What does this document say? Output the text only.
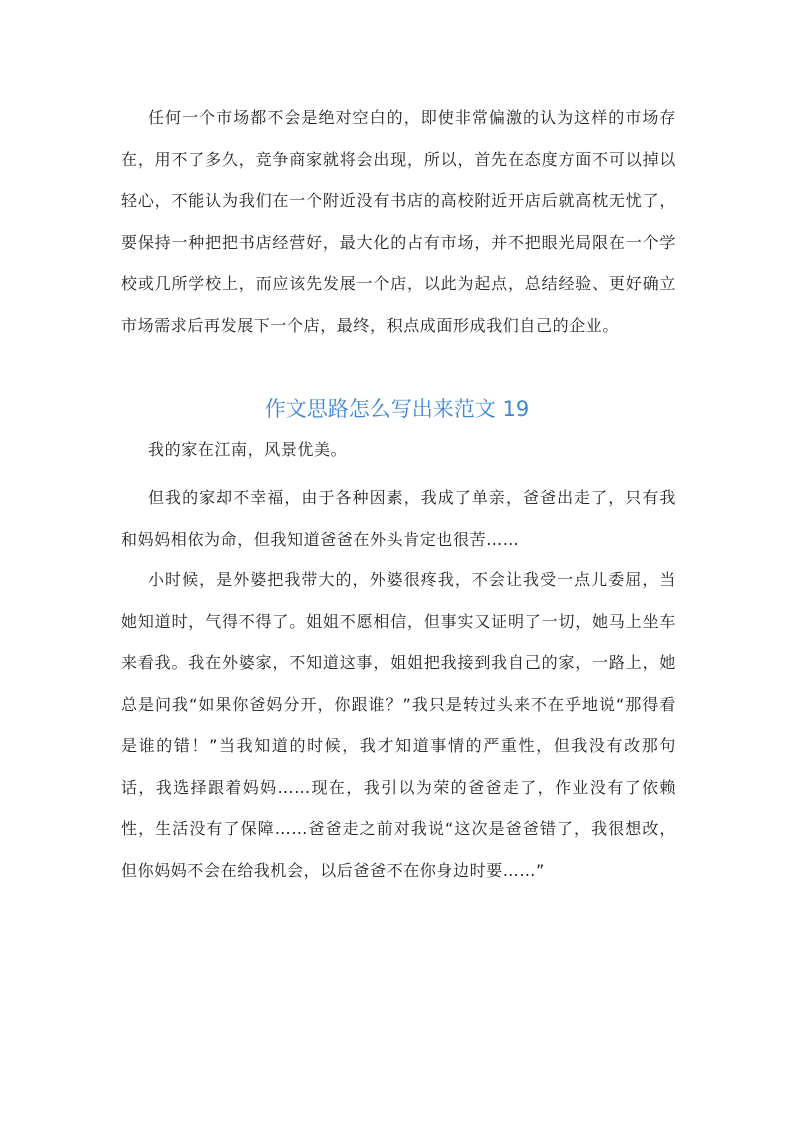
任何一个市场都不会是绝对空白的，即使非常偏激的认为这样的市场存在，用不了多久，竞争商家就将会出现，所以，首先在态度方面不可以掉以轻心，不能认为我们在一个附近没有书店的高校附近开店后就高枕无忧了，要保持一种把把书店经营好，最大化的占有市场，并不把眼光局限在一个学校或几所学校上，而应该先发展一个店，以此为起点，总结经验、更好确立市场需求后再发展下一个店，最终，积点成面形成我们自己的企业。

作文思路怎么写出来范文 19

我的家在江南，风景优美。

但我的家却不幸福，由于各种因素，我成了单亲，爸爸出走了，只有我和妈妈相依为命，但我知道爸爸在外头肯定也很苦……

小时候，是外婆把我带大的，外婆很疼我，不会让我受一点儿委屈，当她知道时，气得不得了。姐姐不愿相信，但事实又证明了一切，她马上坐车来看我。我在外婆家，不知道这事，姐姐把我接到我自己的家，一路上，她总是问我“如果你爸妈分开，你跟谁？”我只是转过头来不在乎地说“那得看是谁的错！”当我知道的时候，我才知道事情的严重性，但我没有改那句话，我选择跟着妈妈……现在，我引以为荣的爸爸走了，作业没有了依赖性，生活没有了保障……爸爸走之前对我说“这次是爸爸错了，我很想改，但你妈妈不会在给我机会，以后爸爸不在你身边时要……”
